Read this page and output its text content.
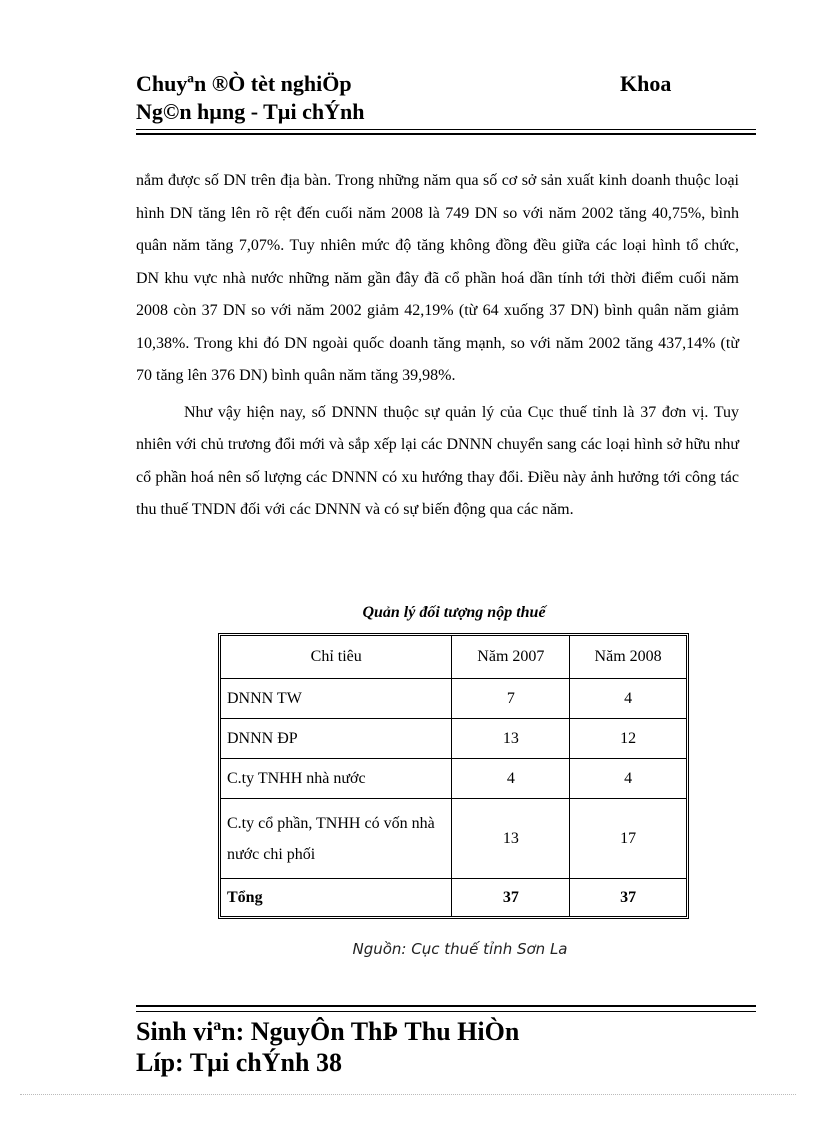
Chuyªn ®Ò tèt nghiÖp	Khoa
Ng©n hµng - Tµi chÝnh

nắm được số DN trên địa bàn. Trong những năm qua số cơ sở sản xuất kinh doanh thuộc loại hình DN tăng lên rõ rệt đến cuối năm 2008 là 749 DN so với năm 2002 tăng 40,75%, bình quân năm tăng 7,07%. Tuy nhiên mức độ tăng không đồng đều giữa các loại hình tổ chức, DN khu vực nhà nước những năm gần đây đã cổ phần hoá dần tính tới thời điểm cuối năm 2008 còn 37 DN so với năm 2002 giảm 42,19% (từ 64 xuống 37 DN) bình quân năm giảm 10,38%. Trong khi đó DN ngoài quốc doanh tăng mạnh, so với năm 2002 tăng 437,14% (từ 70 tăng lên 376 DN) bình quân năm tăng 39,98%.

Như vậy hiện nay, số DNNN thuộc sự quản lý của Cục thuế tỉnh là 37 đơn vị. Tuy nhiên với chủ trương đổi mới và sắp xếp lại các DNNN chuyển sang các loại hình sở hữu như cổ phần hoá nên số lượng các DNNN có xu hướng thay đổi. Điều này ảnh hưởng tới công tác thu thuế TNDN đối với các DNNN và có sự biến động qua các năm.

Quản lý đối tượng nộp thuế
Chỉ tiêu	Năm 2007	Năm 2008
DNNN TW	7	4
DNNN ĐP	13	12
C.ty TNHH nhà nước	4	4
C.ty cổ phần, TNHH có vốn nhà nước chi phối	13	17
Tổng	37	37
Nguồn: Cục thuế tỉnh Sơn La
Sinh viªn: NguyÔn ThÞ Thu HiÒn
Líp: Tµi chÝnh 38
